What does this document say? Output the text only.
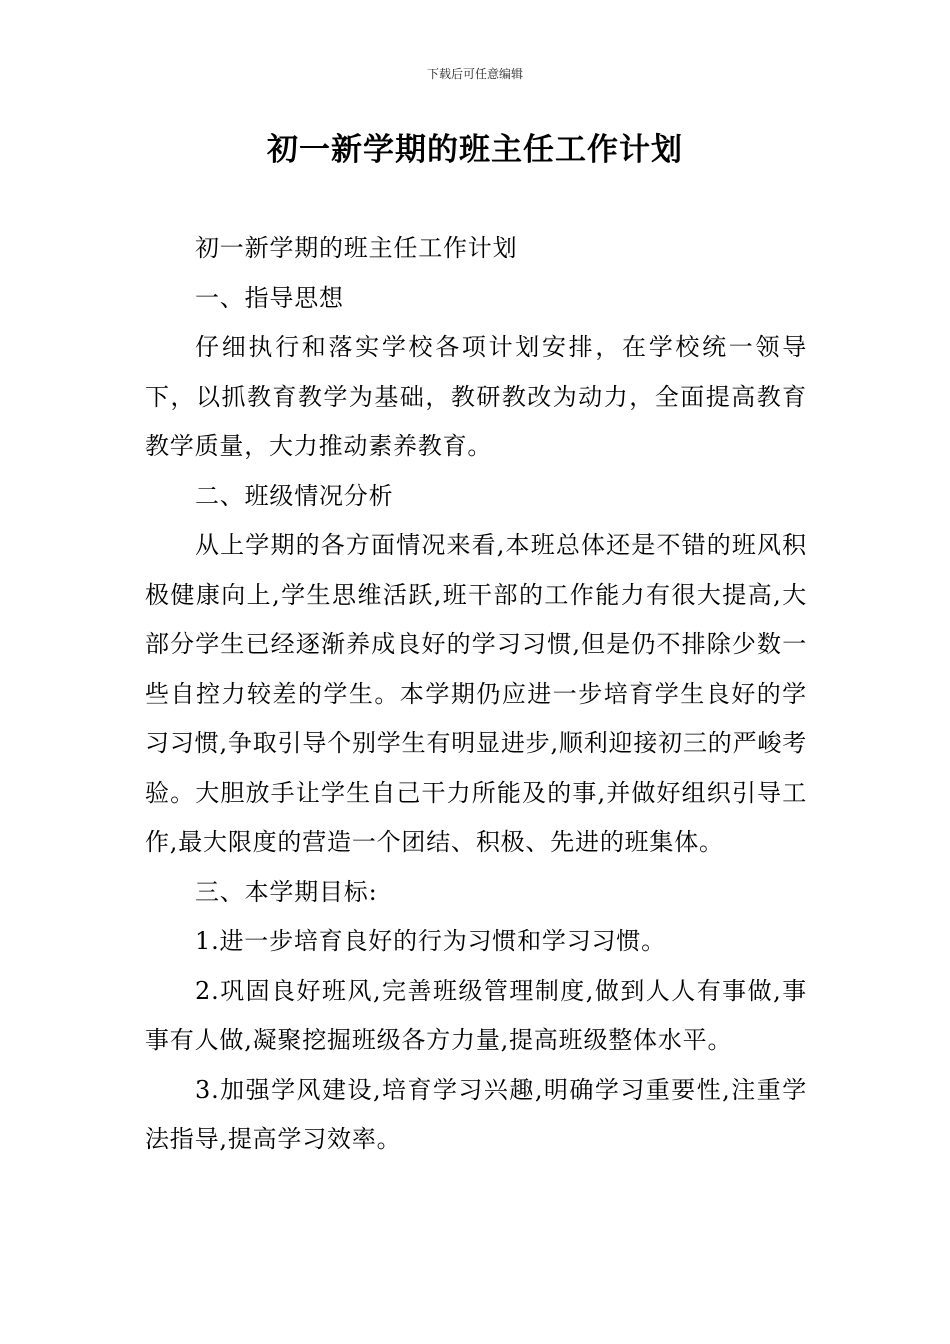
下载后可任意编辑
初一新学期的班主任工作计划

初一新学期的班主任工作计划

一、指导思想

仔细执行和落实学校各项计划安排，在学校统一领导下，以抓教育教学为基础，教研教改为动力，全面提高教育教学质量，大力推动素养教育。

二、班级情况分析

从上学期的各方面情况来看,本班总体还是不错的班风积极健康向上,学生思维活跃,班干部的工作能力有很大提高,大部分学生已经逐渐养成良好的学习习惯,但是仍不排除少数一些自控力较差的学生。本学期仍应进一步培育学生良好的学习习惯,争取引导个别学生有明显进步,顺利迎接初三的严峻考验。大胆放手让学生自己干力所能及的事,并做好组织引导工作,最大限度的营造一个团结、积极、先进的班集体。

三、本学期目标:

1.进一步培育良好的行为习惯和学习习惯。

2.巩固良好班风,完善班级管理制度,做到人人有事做,事事有人做,凝聚挖掘班级各方力量,提高班级整体水平。

3.加强学风建设,培育学习兴趣,明确学习重要性,注重学法指导,提高学习效率。
